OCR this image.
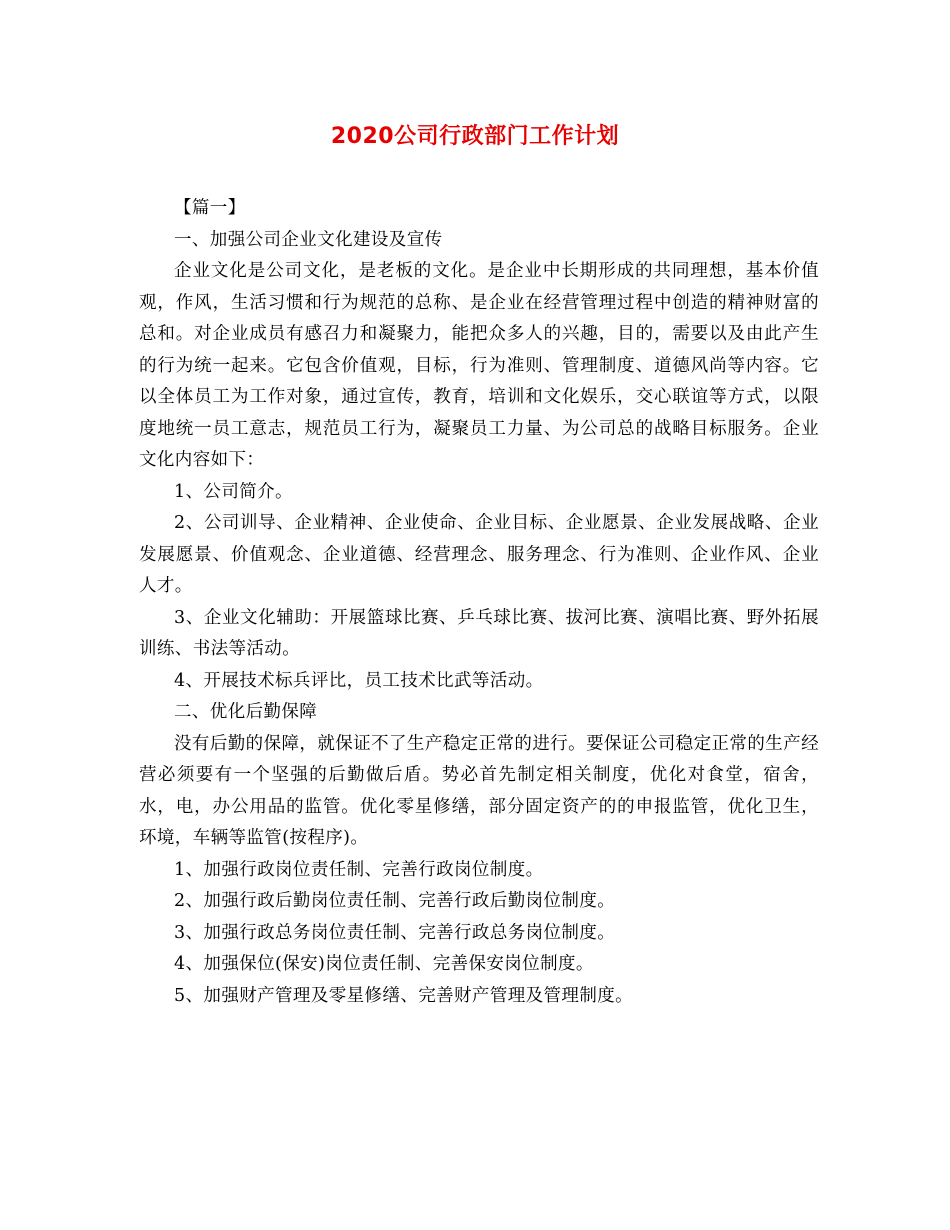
2020公司行政部门工作计划

【篇一】

一、加强公司企业文化建设及宣传

企业文化是公司文化，是老板的文化。是企业中长期形成的共同理想，基本价值观，作风，生活习惯和行为规范的总称、是企业在经营管理过程中创造的精神财富的总和。对企业成员有感召力和凝聚力，能把众多人的兴趣，目的，需要以及由此产生的行为统一起来。它包含价值观，目标，行为准则、管理制度、道德风尚等内容。它以全体员工为工作对象，通过宣传，教育，培训和文化娱乐，交心联谊等方式，以限度地统一员工意志，规范员工行为，凝聚员工力量、为公司总的战略目标服务。企业文化内容如下：

1、公司简介。

2、公司训导、企业精神、企业使命、企业目标、企业愿景、企业发展战略、企业发展愿景、价值观念、企业道德、经营理念、服务理念、行为准则、企业作风、企业人才。

3、企业文化辅助：开展篮球比赛、乒乓球比赛、拔河比赛、演唱比赛、野外拓展训练、书法等活动。

4、开展技术标兵评比，员工技术比武等活动。

二、优化后勤保障

没有后勤的保障，就保证不了生产稳定正常的进行。要保证公司稳定正常的生产经营必须要有一个坚强的后勤做后盾。势必首先制定相关制度，优化对食堂，宿舍，水，电，办公用品的监管。优化零星修缮，部分固定资产的的申报监管，优化卫生，环境，车辆等监管(按程序)。

1、加强行政岗位责任制、完善行政岗位制度。

2、加强行政后勤岗位责任制、完善行政后勤岗位制度。

3、加强行政总务岗位责任制、完善行政总务岗位制度。

4、加强保位(保安)岗位责任制、完善保安岗位制度。

5、加强财产管理及零星修缮、完善财产管理及管理制度。
